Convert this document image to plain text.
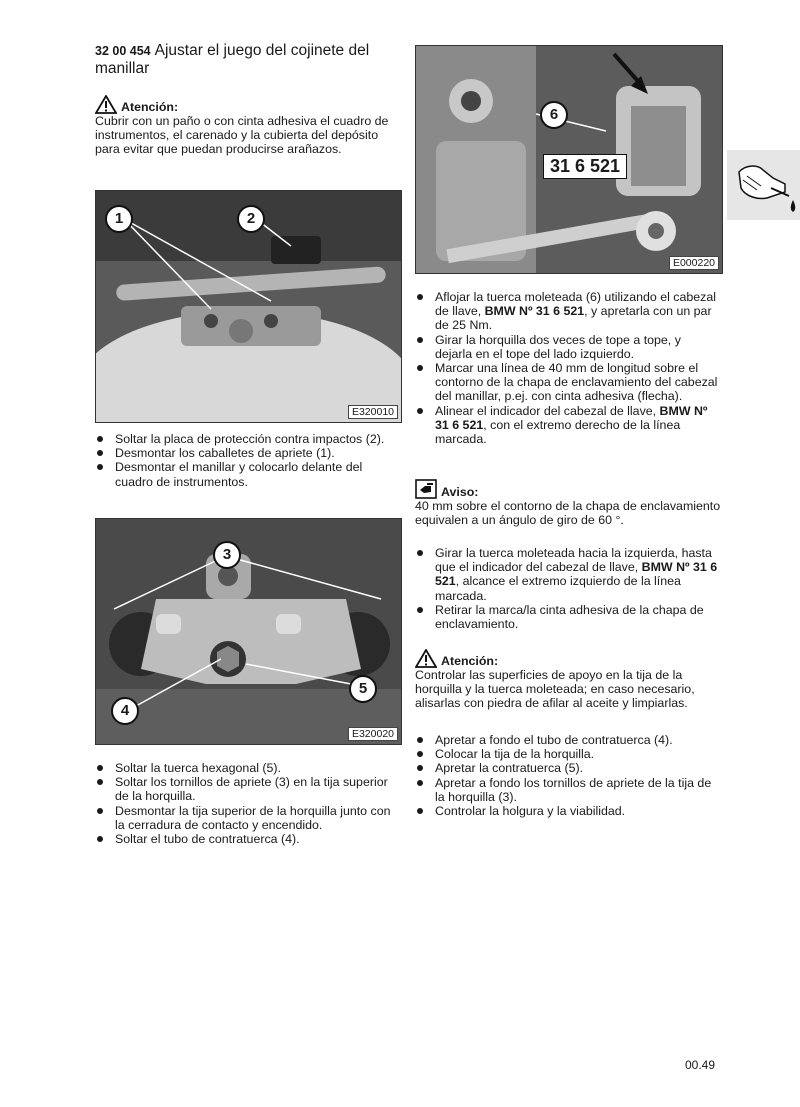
32 00 454 Ajustar el juego del cojinete del manillar
Atención:
Cubrir con un paño o con cinta adhesiva el cuadro de instrumentos, el carenado y la cubierta del depósito para evitar que puedan producirse arañazos.
1	2
E320010
Soltar la placa de protección contra impactos (2).
Desmontar los caballetes de apriete (1).
Desmontar el manillar y colocarlo delante del cuadro de instrumentos.
3
4
5
E320020
Soltar la tuerca hexagonal (5).
Soltar los tornillos de apriete (3) en la tija superior de la horquilla.
Desmontar la tija superior de la horquilla junto con la cerradura de contacto y encendido.
Soltar el tubo de contratuerca (4).
6
31 6 521
E000220
Aflojar la tuerca moleteada (6) utilizando el cabezal de llave, BMW Nº 31 6 521, y apretarla con un par de 25 Nm.
Girar la horquilla dos veces de tope a tope, y dejarla en el tope del lado izquierdo.
Marcar una línea de 40 mm de longitud sobre el contorno de la chapa de enclavamiento del cabezal del manillar, p.ej. con cinta adhesiva (flecha).
Alinear el indicador del cabezal de llave, BMW Nº 31 6 521, con el extremo derecho de la línea marcada.
Aviso:
40 mm sobre el contorno de la chapa de enclavamiento equivalen a un ángulo de giro de 60 °.
Girar la tuerca moleteada hacia la izquierda, hasta que el indicador del cabezal de llave, BMW Nº 31 6 521, alcance el extremo izquierdo de la línea marcada.
Retirar la marca/la cinta adhesiva de la chapa de enclavamiento.
Atención:
Controlar las superficies de apoyo en la tija de la horquilla y la tuerca moleteada; en caso necesario, alisarlas con piedra de afilar al aceite y limpiarlas.
Apretar a fondo el tubo de contratuerca (4).
Colocar la tija de la horquilla.
Apretar la contratuerca (5).
Apretar a fondo los tornillos de apriete de la tija de la horquilla (3).
Controlar la holgura y la viabilidad.
00.49
